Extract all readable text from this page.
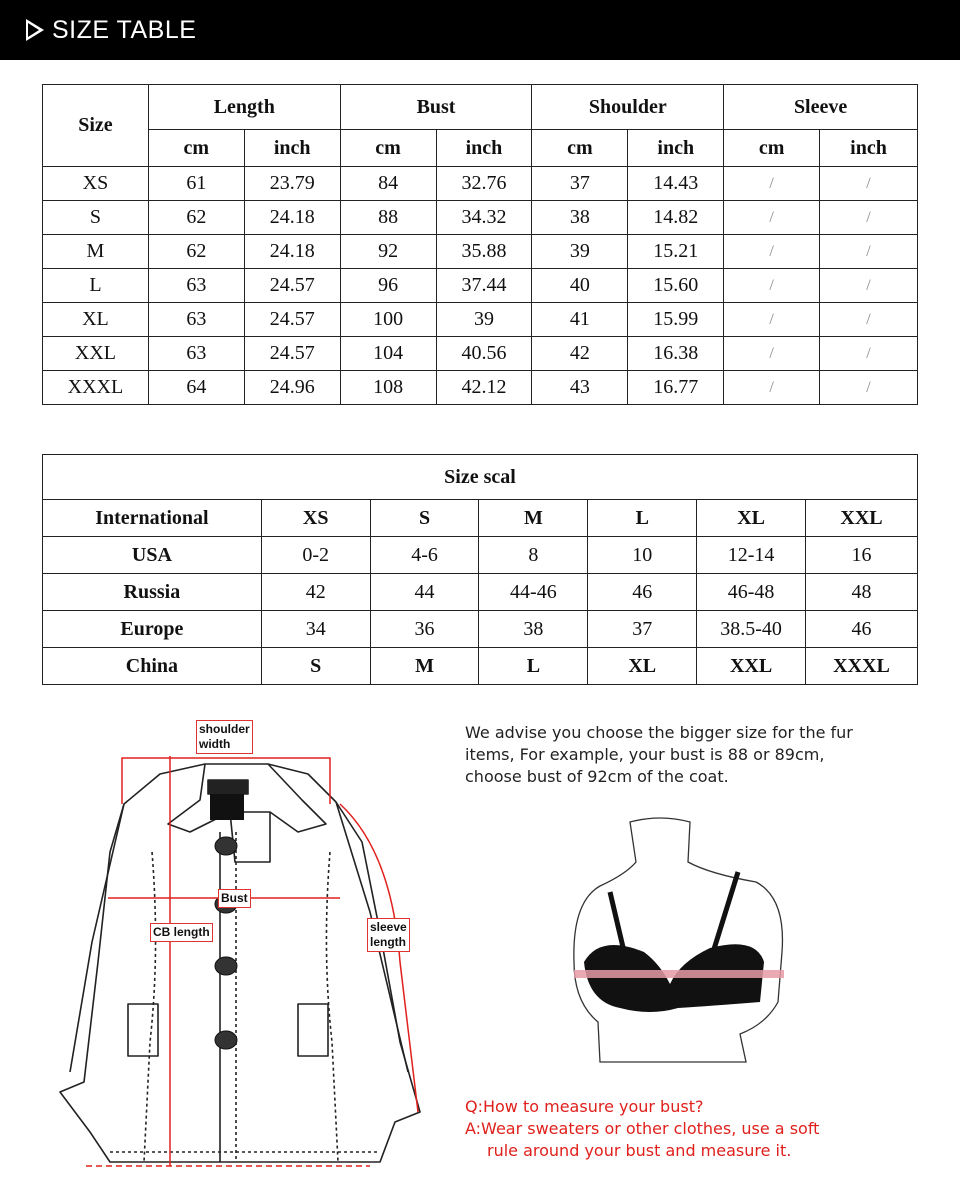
SIZE TABLE
Size	Length		Bust		Shoulder		Sleeve	
	cm	inch	cm	inch	cm	inch	cm	inch
XS	61	23.79	84	32.76	37	14.43	/	/
S	62	24.18	88	34.32	38	14.82	/	/
M	62	24.18	92	35.88	39	15.21	/	/
L	63	24.57	96	37.44	40	15.60	/	/
XL	63	24.57	100	39	41	15.99	/	/
XXL	63	24.57	104	40.56	42	16.38	/	/
XXXL	64	24.96	108	42.12	43	16.77	/	/
Size scal						
International	XS	S	M	L	XL	XXL
USA	0-2	4-6	8	10	12-14	16
Russia	42	44	44-46	46	46-48	48
Europe	34	36	38	37	38.5-40	46
China	S	M	L	XL	XXL	XXXL
shoulder
width
Bust
CB length	sleeve
length
We advise you choose the bigger size for the fur
items, For example, your bust is 88 or 89cm,
choose bust of 92cm of the coat.
Q:How to measure your bust?
A:Wear sweaters or other clothes, use a soft
rule around your bust and measure it.
